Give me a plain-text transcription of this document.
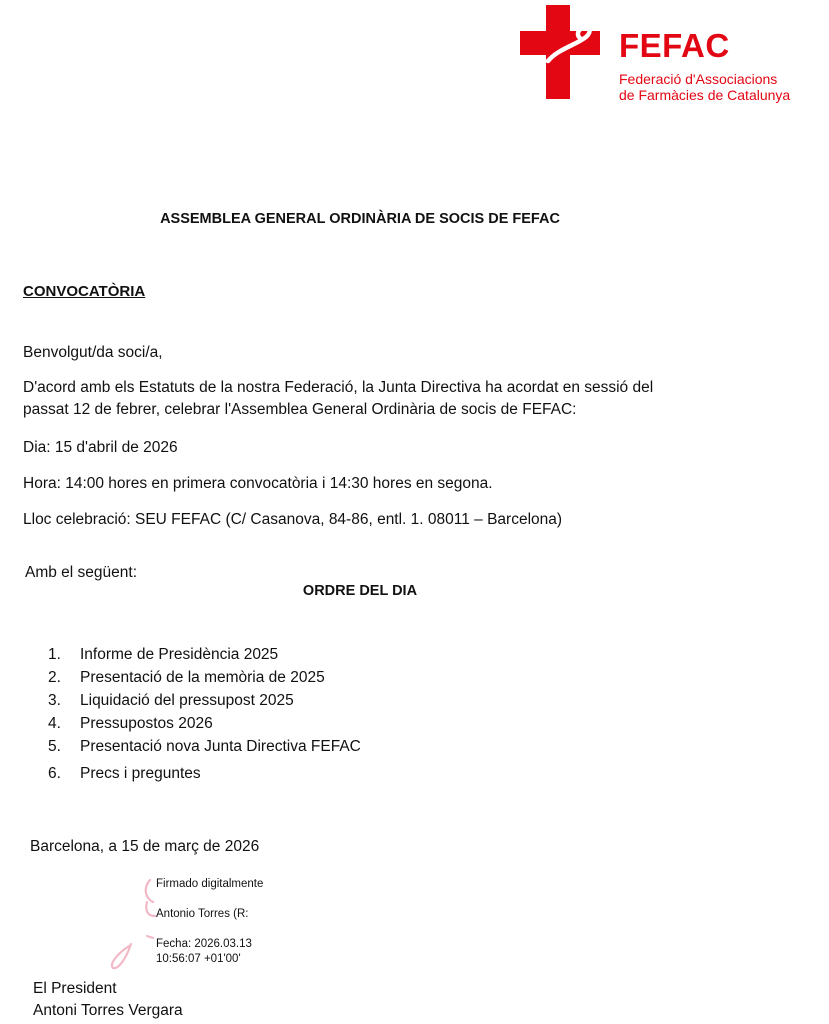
FEFAC
Federació d'Associacions
de Farmàcies de Catalunya
ASSEMBLEA GENERAL ORDINÀRIA DE SOCIS DE FEFAC
CONVOCATÒRIA
Benvolgut/da soci/a,
D'acord amb els Estatuts de la nostra Federació, la Junta Directiva ha acordat en sessió del passat 12 de febrer, celebrar l'Assemblea General Ordinària de socis de FEFAC:
Dia: 15 d'abril de 2026
Hora: 14:00 hores en primera convocatòria i 14:30 hores en segona.
Lloc celebració: SEU FEFAC (C/ Casanova, 84-86, entl. 1. 08011 – Barcelona)
Amb el següent:
ORDRE DEL DIA
1.	Informe de Presidència 2025
2.	Presentació de la memòria de 2025
3.	Liquidació del pressupost 2025
4.	Pressupostos 2026
5.	Presentació nova Junta Directiva FEFAC
6.	Precs i preguntes
Barcelona, a 15 de març de 2026
Firmado digitalmente
Antonio Torres (R:
Fecha: 2026.03.13
10:56:07 +01'00'
El President
Antoni Torres Vergara
